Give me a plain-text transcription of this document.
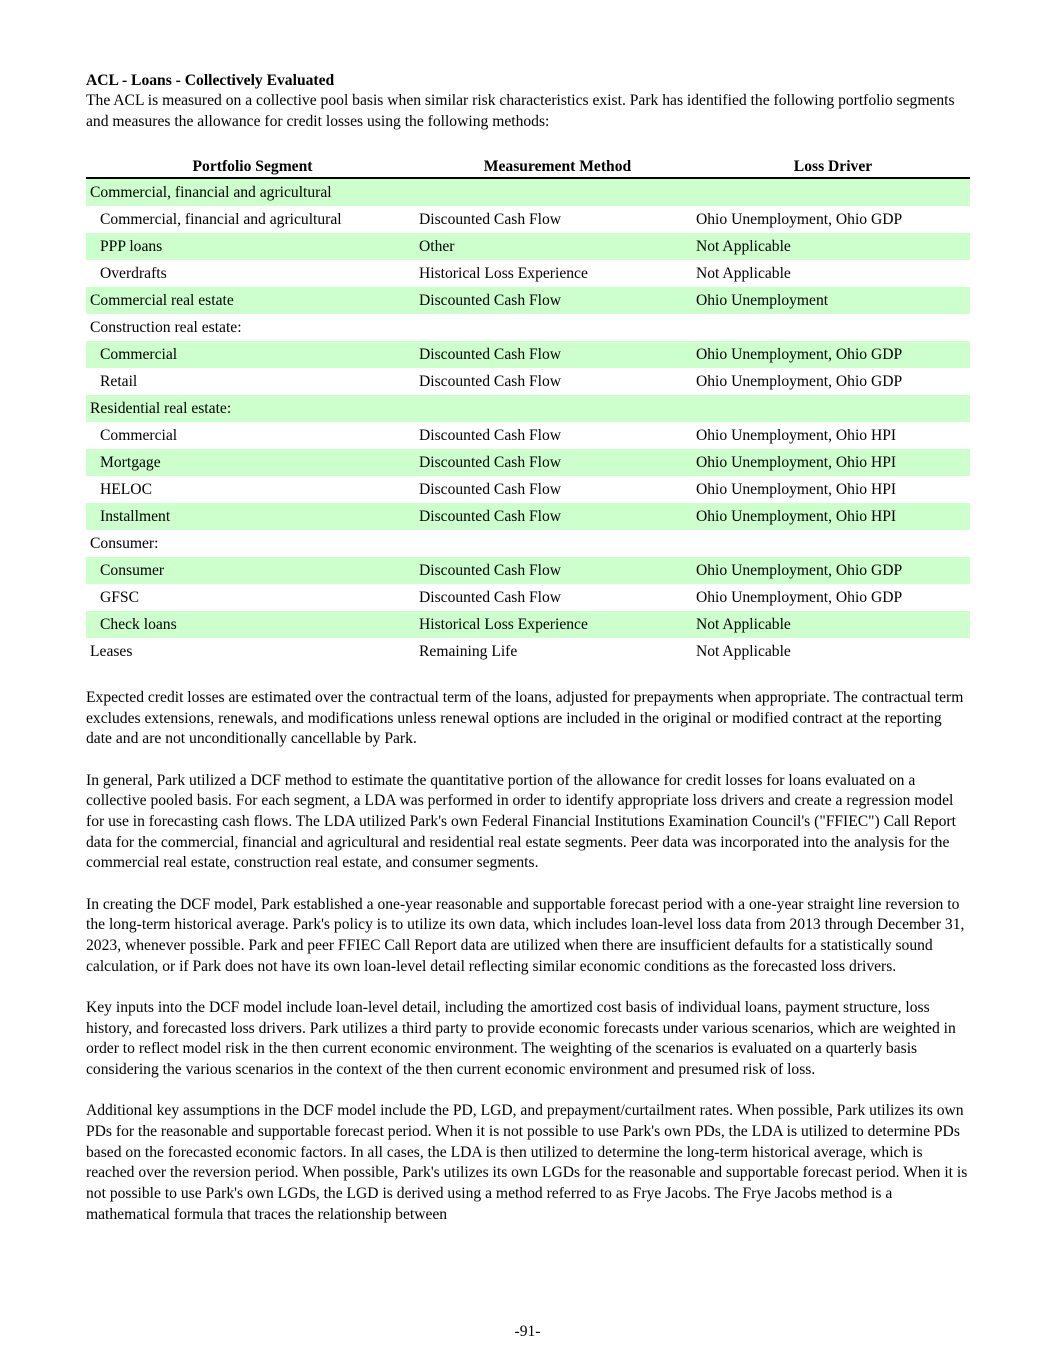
ACL - Loans - Collectively Evaluated

The ACL is measured on a collective pool basis when similar risk characteristics exist. Park has identified the following portfolio segments and measures the allowance for credit losses using the following methods:

Portfolio Segment	Measurement Method	Loss Driver
Commercial, financial and agricultural		
Commercial, financial and agricultural	Discounted Cash Flow	Ohio Unemployment, Ohio GDP
PPP loans	Other	Not Applicable
Overdrafts	Historical Loss Experience	Not Applicable
Commercial real estate	Discounted Cash Flow	Ohio Unemployment
Construction real estate:		
Commercial	Discounted Cash Flow	Ohio Unemployment, Ohio GDP
Retail	Discounted Cash Flow	Ohio Unemployment, Ohio GDP
Residential real estate:		
Commercial	Discounted Cash Flow	Ohio Unemployment, Ohio HPI
Mortgage	Discounted Cash Flow	Ohio Unemployment, Ohio HPI
HELOC	Discounted Cash Flow	Ohio Unemployment, Ohio HPI
Installment	Discounted Cash Flow	Ohio Unemployment, Ohio HPI
Consumer:		
Consumer	Discounted Cash Flow	Ohio Unemployment, Ohio GDP
GFSC	Discounted Cash Flow	Ohio Unemployment, Ohio GDP
Check loans	Historical Loss Experience	Not Applicable
Leases	Remaining Life	Not Applicable

Expected credit losses are estimated over the contractual term of the loans, adjusted for prepayments when appropriate. The contractual term excludes extensions, renewals, and modifications unless renewal options are included in the original or modified contract at the reporting date and are not unconditionally cancellable by Park.

In general, Park utilized a DCF method to estimate the quantitative portion of the allowance for credit losses for loans evaluated on a collective pooled basis. For each segment, a LDA was performed in order to identify appropriate loss drivers and create a regression model for use in forecasting cash flows. The LDA utilized Park's own Federal Financial Institutions Examination Council's ("FFIEC") Call Report data for the commercial, financial and agricultural and residential real estate segments. Peer data was incorporated into the analysis for the commercial real estate, construction real estate, and consumer segments.

In creating the DCF model, Park established a one-year reasonable and supportable forecast period with a one-year straight line reversion to the long-term historical average. Park's policy is to utilize its own data, which includes loan-level loss data from 2013 through December 31, 2023, whenever possible. Park and peer FFIEC Call Report data are utilized when there are insufficient defaults for a statistically sound calculation, or if Park does not have its own loan-level detail reflecting similar economic conditions as the forecasted loss drivers.

Key inputs into the DCF model include loan-level detail, including the amortized cost basis of individual loans, payment structure, loss history, and forecasted loss drivers. Park utilizes a third party to provide economic forecasts under various scenarios, which are weighted in order to reflect model risk in the then current economic environment. The weighting of the scenarios is evaluated on a quarterly basis considering the various scenarios in the context of the then current economic environment and presumed risk of loss.

Additional key assumptions in the DCF model include the PD, LGD, and prepayment/curtailment rates. When possible, Park utilizes its own PDs for the reasonable and supportable forecast period. When it is not possible to use Park's own PDs, the LDA is utilized to determine PDs based on the forecasted economic factors. In all cases, the LDA is then utilized to determine the long-term historical average, which is reached over the reversion period. When possible, Park's utilizes its own LGDs for the reasonable and supportable forecast period. When it is not possible to use Park's own LGDs, the LGD is derived using a method referred to as Frye Jacobs. The Frye Jacobs method is a mathematical formula that traces the relationship between

-91-
